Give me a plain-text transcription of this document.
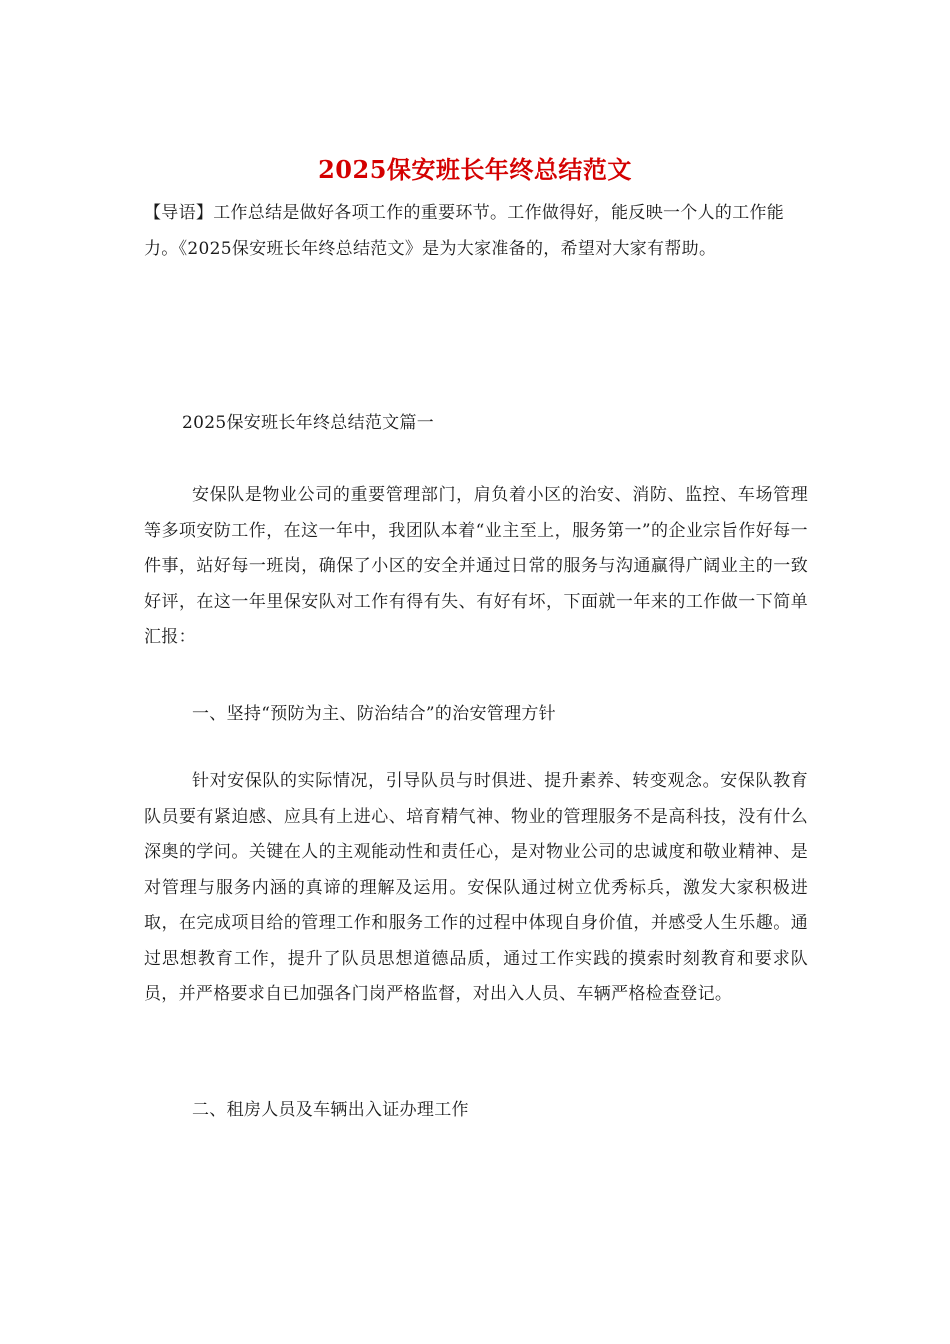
2025保安班长年终总结范文
【导语】工作总结是做好各项工作的重要环节。工作做得好，能反映一个人的工作能力。《2025保安班长年终总结范文》是为大家准备的，希望对大家有帮助。
2025保安班长年终总结范文篇一
安保队是物业公司的重要管理部门，肩负着小区的治安、消防、监控、车场管理等多项安防工作，在这一年中，我团队本着“业主至上，服务第一”的企业宗旨作好每一件事，站好每一班岗，确保了小区的安全并通过日常的服务与沟通赢得广阔业主的一致好评，在这一年里保安队对工作有得有失、有好有坏，下面就一年来的工作做一下简单汇报：
一、坚持“预防为主、防治结合”的治安管理方针
针对安保队的实际情况，引导队员与时俱进、提升素养、转变观念。安保队教育队员要有紧迫感、应具有上进心、培育精气神、物业的管理服务不是高科技，没有什么深奥的学问。关键在人的主观能动性和责任心，是对物业公司的忠诚度和敬业精神、是对管理与服务内涵的真谛的理解及运用。安保队通过树立优秀标兵，激发大家积极进取，在完成项目给的管理工作和服务工作的过程中体现自身价值，并感受人生乐趣。通过思想教育工作，提升了队员思想道德品质，通过工作实践的摸索时刻教育和要求队员，并严格要求自已加强各门岗严格监督，对出入人员、车辆严格检查登记。
二、租房人员及车辆出入证办理工作
